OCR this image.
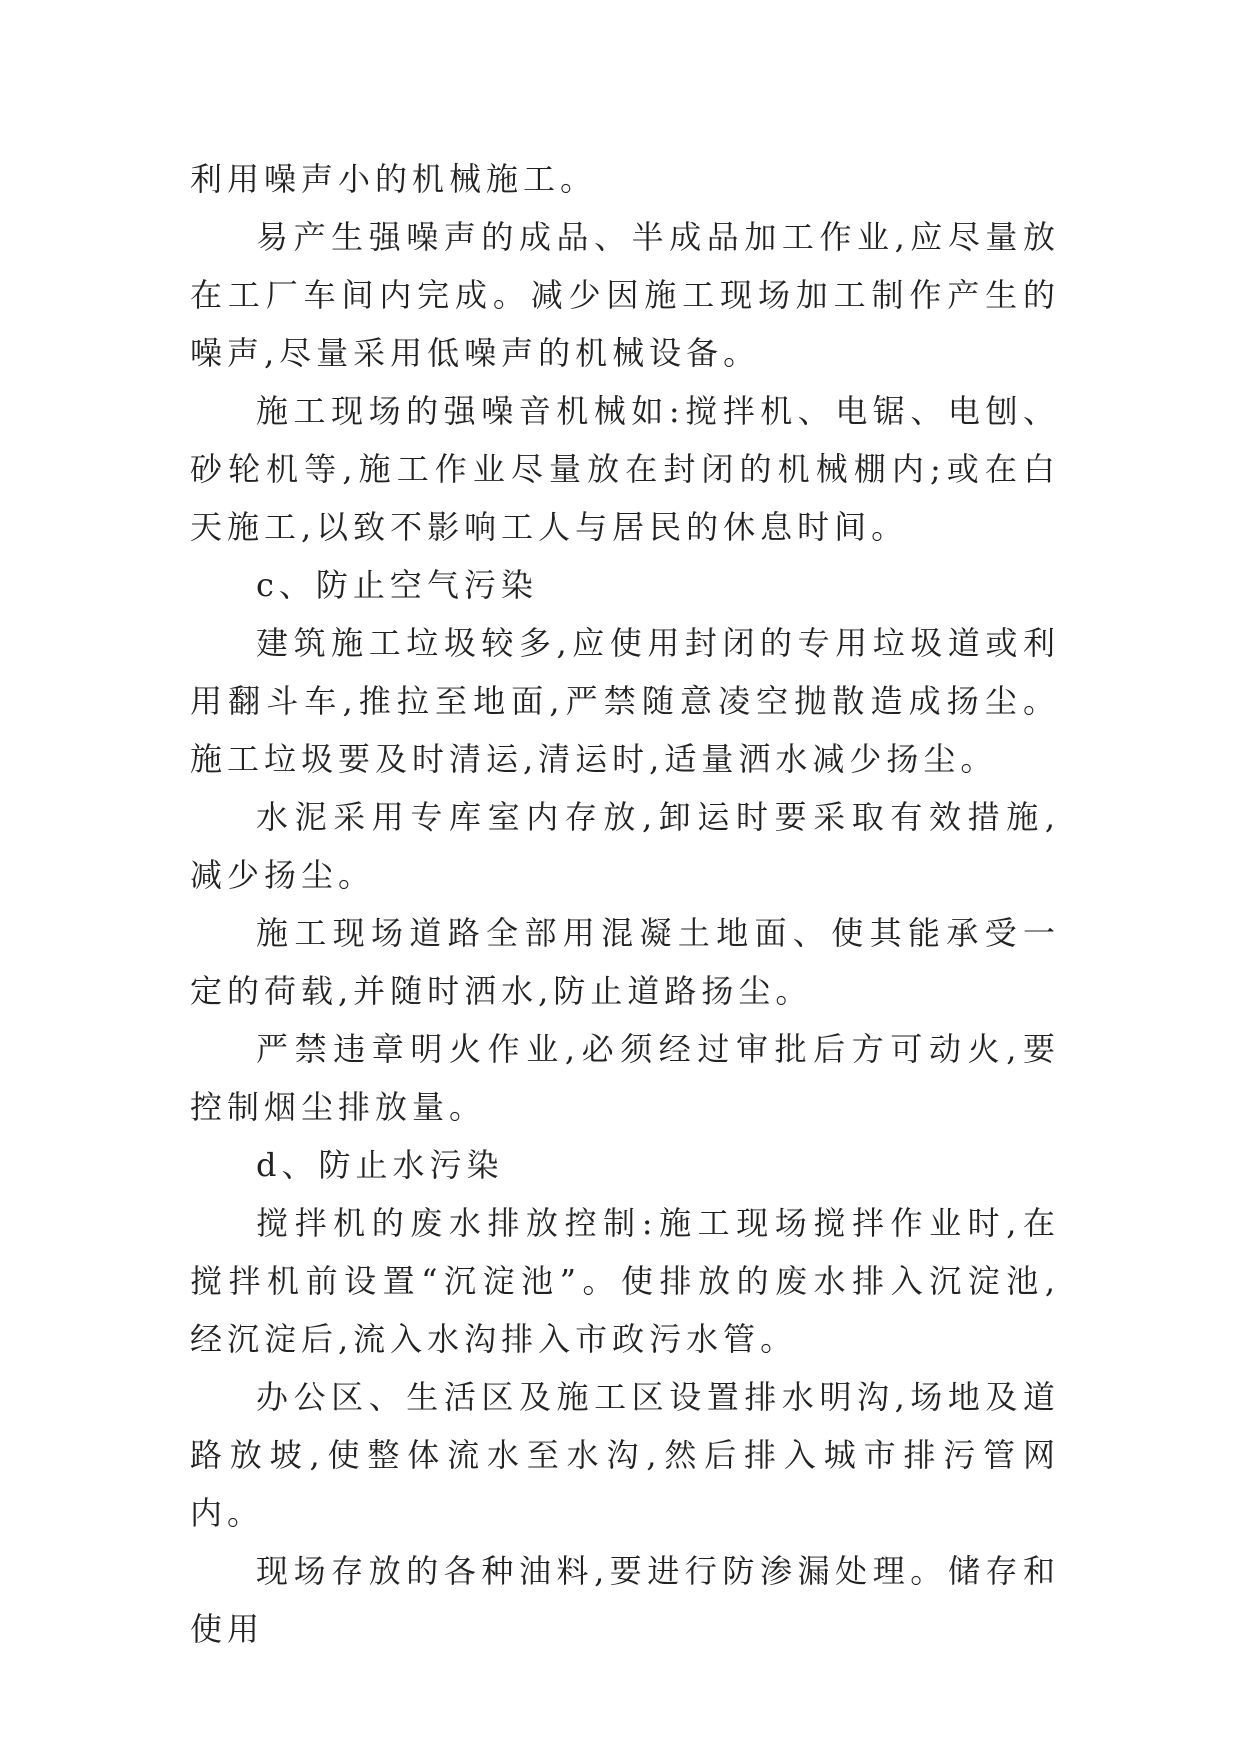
利用噪声小的机械施工。

易产生强噪声的成品、半成品加工作业,应尽量放在工厂车间内完成。减少因施工现场加工制作产生的噪声,尽量采用低噪声的机械设备。

施工现场的强噪音机械如:搅拌机、电锯、电刨、砂轮机等,施工作业尽量放在封闭的机械棚内;或在白天施工,以致不影响工人与居民的休息时间。

c、防止空气污染

建筑施工垃圾较多,应使用封闭的专用垃圾道或利用翻斗车,推拉至地面,严禁随意凌空抛散造成扬尘。施工垃圾要及时清运,清运时,适量洒水减少扬尘。

水泥采用专库室内存放,卸运时要采取有效措施,减少扬尘。

施工现场道路全部用混凝土地面、使其能承受一定的荷载,并随时洒水,防止道路扬尘。

严禁违章明火作业,必须经过审批后方可动火,要控制烟尘排放量。

d、防止水污染

搅拌机的废水排放控制:施工现场搅拌作业时,在搅拌机前设置“沉淀池”。使排放的废水排入沉淀池,经沉淀后,流入水沟排入市政污水管。

办公区、生活区及施工区设置排水明沟,场地及道路放坡,使整体流水至水沟,然后排入城市排污管网内。

现场存放的各种油料,要进行防渗漏处理。储存和使用
